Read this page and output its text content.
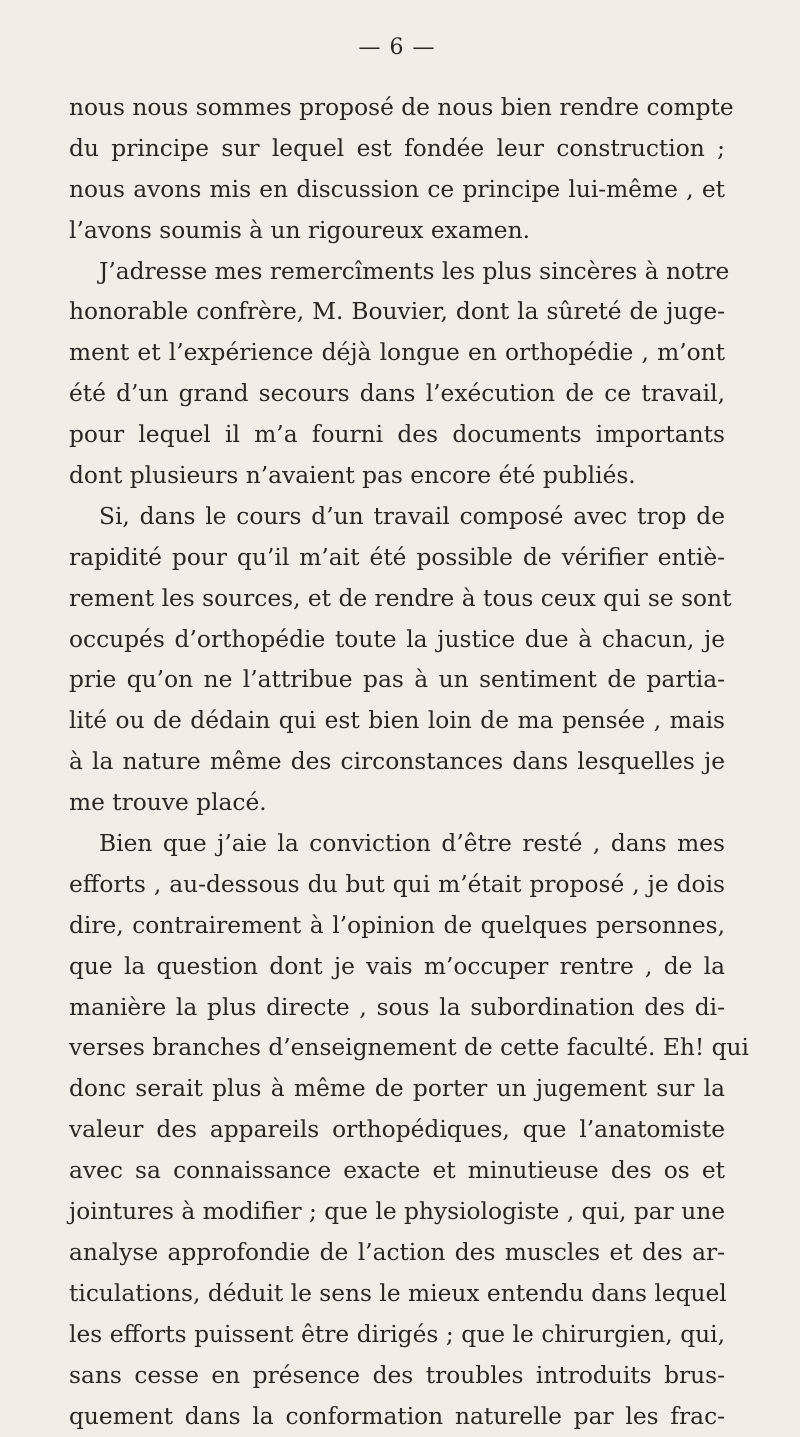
— 6 —
nous nous sommes proposé de nous bien rendre compte
du principe sur lequel est fondée leur construction ;
nous avons mis en discussion ce principe lui-même , et
l’avons soumis à un rigoureux examen.
J’adresse mes remercîments les plus sincères à notre
honorable confrère, M. Bouvier, dont la sûreté de juge-
ment et l’expérience déjà longue en orthopédie , m’ont
été d’un grand secours dans l’exécution de ce travail,
pour lequel il m’a fourni des documents importants
dont plusieurs n’avaient pas encore été publiés.
Si, dans le cours d’un travail composé avec trop de
rapidité pour qu’il m’ait été possible de vérifier entiè-
rement les sources, et de rendre à tous ceux qui se sont
occupés d’orthopédie toute la justice due à chacun, je
prie qu’on ne l’attribue pas à un sentiment de partia-
lité ou de dédain qui est bien loin de ma pensée , mais
à la nature même des circonstances dans lesquelles je
me trouve placé.
Bien que j’aie la conviction d’être resté , dans mes
efforts , au-dessous du but qui m’était proposé , je dois
dire, contrairement à l’opinion de quelques personnes,
que la question dont je vais m’occuper rentre , de la
manière la plus directe , sous la subordination des di-
verses branches d’enseignement de cette faculté. Eh! qui
donc serait plus à même de porter un jugement sur la
valeur des appareils orthopédiques, que l’anatomiste
avec sa connaissance exacte et minutieuse des os et
jointures à modifier ; que le physiologiste , qui, par une
analyse approfondie de l’action des muscles et des ar-
ticulations, déduit le sens le mieux entendu dans lequel
les efforts puissent être dirigés ; que le chirurgien, qui,
sans cesse en présence des troubles introduits brus-
quement dans la conformation naturelle par les frac-
